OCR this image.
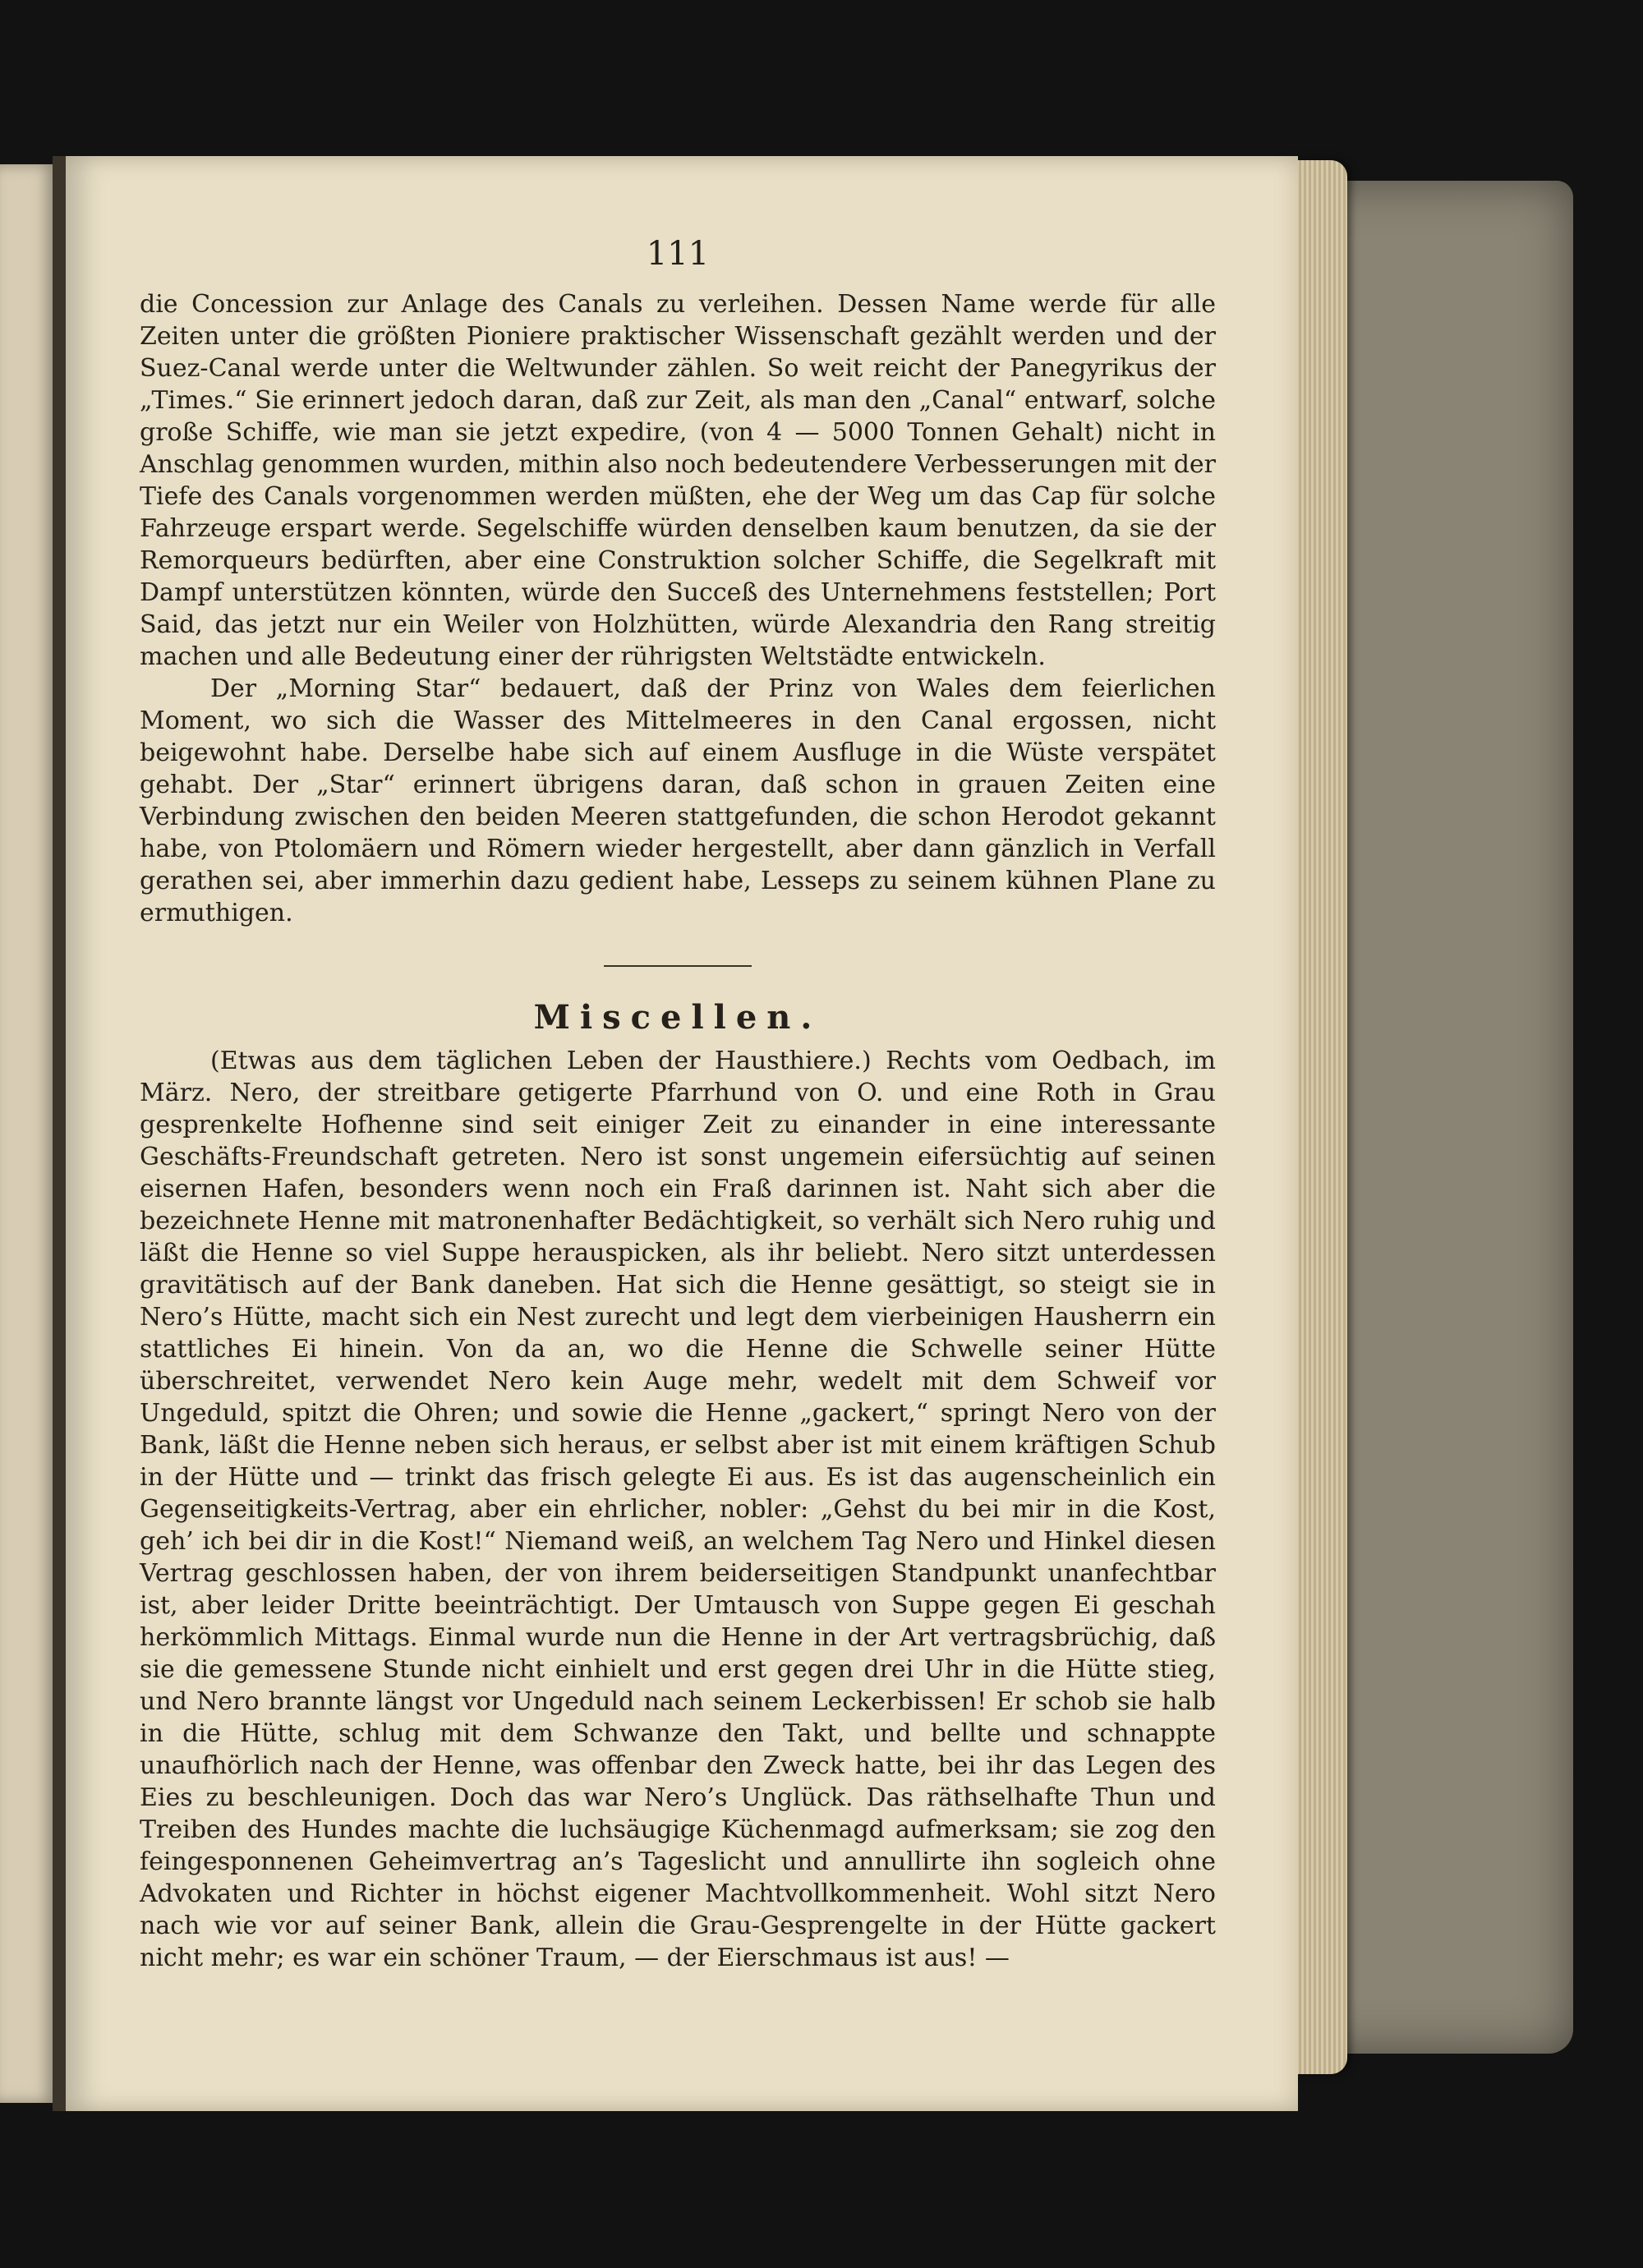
111

die Concession zur Anlage des Canals zu verleihen. Dessen Name werde für alle Zeiten unter die größten Pioniere praktischer Wissenschaft gezählt werden und der Suez-Canal werde unter die Weltwunder zählen. So weit reicht der Panegyrikus der „Times.“ Sie erinnert jedoch daran, daß zur Zeit, als man den „Canal“ entwarf, solche große Schiffe, wie man sie jetzt expedire, (von 4 — 5000 Tonnen Gehalt) nicht in Anschlag genommen wurden, mithin also noch bedeutendere Verbesserungen mit der Tiefe des Canals vorgenommen werden müßten, ehe der Weg um das Cap für solche Fahrzeuge erspart werde. Segelschiffe würden denselben kaum benutzen, da sie der Remorqueurs bedürften, aber eine Construktion solcher Schiffe, die Segelkraft mit Dampf unterstützen könnten, würde den Succeß des Unternehmens feststellen; Port Said, das jetzt nur ein Weiler von Holzhütten, würde Alexandria den Rang streitig machen und alle Bedeutung einer der rührigsten Weltstädte entwickeln.

Der „Morning Star“ bedauert, daß der Prinz von Wales dem feierlichen Moment, wo sich die Wasser des Mittelmeeres in den Canal ergossen, nicht beigewohnt habe. Derselbe habe sich auf einem Ausfluge in die Wüste verspätet gehabt. Der „Star“ erinnert übrigens daran, daß schon in grauen Zeiten eine Verbindung zwischen den beiden Meeren stattgefunden, die schon Herodot gekannt habe, von Ptolomäern und Römern wieder hergestellt, aber dann gänzlich in Verfall gerathen sei, aber immerhin dazu gedient habe, Lesseps zu seinem kühnen Plane zu ermuthigen.

Miscellen.

(Etwas aus dem täglichen Leben der Hausthiere.) Rechts vom Oedbach, im März. Nero, der streitbare getigerte Pfarrhund von O. und eine Roth in Grau gesprenkelte Hofhenne sind seit einiger Zeit zu einander in eine interessante Geschäfts-Freundschaft getreten. Nero ist sonst ungemein eifersüchtig auf seinen eisernen Hafen, besonders wenn noch ein Fraß darinnen ist. Naht sich aber die bezeichnete Henne mit matronenhafter Bedächtigkeit, so verhält sich Nero ruhig und läßt die Henne so viel Suppe herauspicken, als ihr beliebt. Nero sitzt unterdessen gravitätisch auf der Bank daneben. Hat sich die Henne gesättigt, so steigt sie in Nero’s Hütte, macht sich ein Nest zurecht und legt dem vierbeinigen Hausherrn ein stattliches Ei hinein. Von da an, wo die Henne die Schwelle seiner Hütte überschreitet, verwendet Nero kein Auge mehr, wedelt mit dem Schweif vor Ungeduld, spitzt die Ohren; und sowie die Henne „gackert,“ springt Nero von der Bank, läßt die Henne neben sich heraus, er selbst aber ist mit einem kräftigen Schub in der Hütte und — trinkt das frisch gelegte Ei aus. Es ist das augenscheinlich ein Gegenseitigkeits-Vertrag, aber ein ehrlicher, nobler: „Gehst du bei mir in die Kost, geh’ ich bei dir in die Kost!“ Niemand weiß, an welchem Tag Nero und Hinkel diesen Vertrag geschlossen haben, der von ihrem beiderseitigen Standpunkt unanfechtbar ist, aber leider Dritte beeinträchtigt. Der Umtausch von Suppe gegen Ei geschah herkömmlich Mittags. Einmal wurde nun die Henne in der Art vertragsbrüchig, daß sie die gemessene Stunde nicht einhielt und erst gegen drei Uhr in die Hütte stieg, und Nero brannte längst vor Ungeduld nach seinem Leckerbissen! Er schob sie halb in die Hütte, schlug mit dem Schwanze den Takt, und bellte und schnappte unaufhörlich nach der Henne, was offenbar den Zweck hatte, bei ihr das Legen des Eies zu beschleunigen. Doch das war Nero’s Unglück. Das räthselhafte Thun und Treiben des Hundes machte die luchsäugige Küchenmagd aufmerksam; sie zog den feingesponnenen Geheimvertrag an’s Tageslicht und annullirte ihn sogleich ohne Advokaten und Richter in höchst eigener Machtvollkommenheit. Wohl sitzt Nero nach wie vor auf seiner Bank, allein die Grau-Gesprengelte in der Hütte gackert nicht mehr; es war ein schöner Traum, — der Eierschmaus ist aus! —
